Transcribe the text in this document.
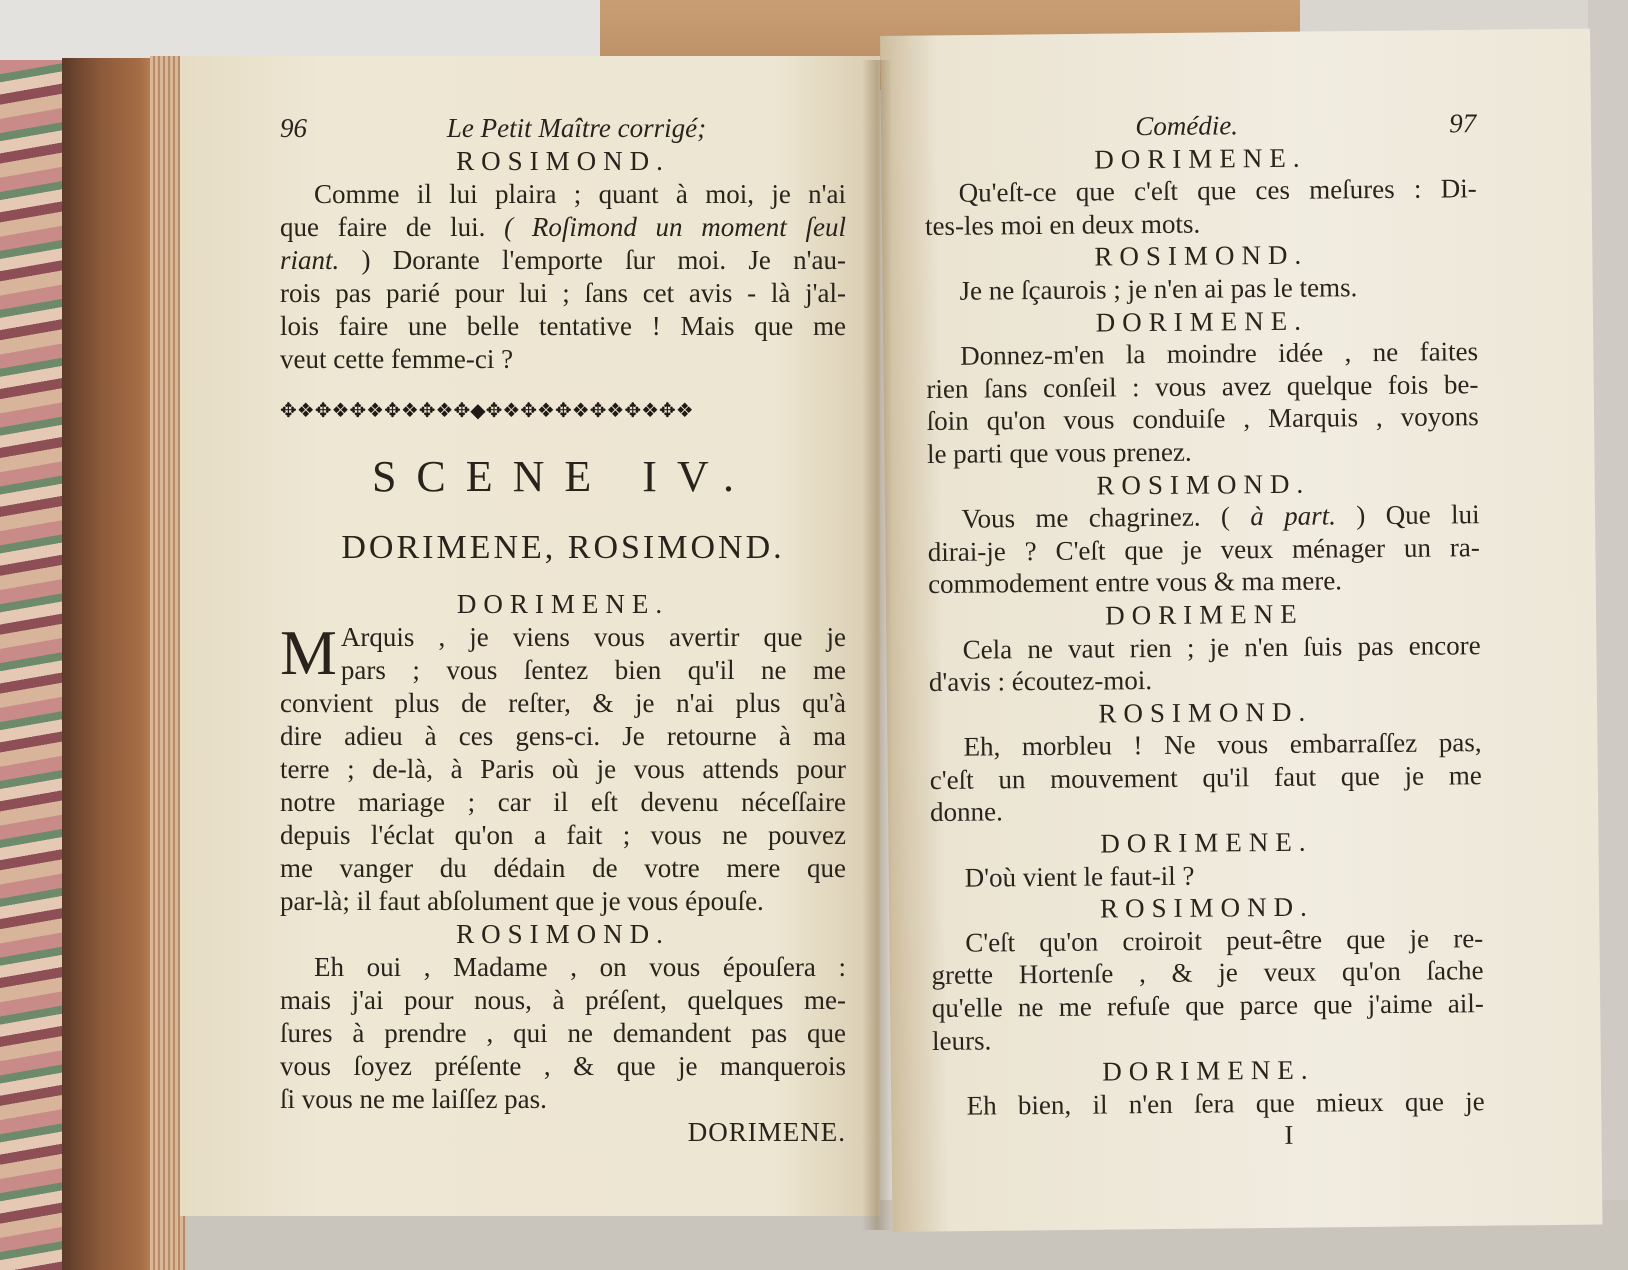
96	Le Petit Maître corrigé;
ROSIMOND.
Comme il lui plaira ; quant à moi, je n'ai
que faire de lui. ( Roſimond un moment ſeul
riant. ) Dorante l'emporte ſur moi. Je n'au-
rois pas parié pour lui ; ſans cet avis - là j'al-
lois faire une belle tentative ! Mais que me
veut cette femme-ci ?
✥❖✥❖✥❖✥❖✥❖✥◆✥❖✥❖✥❖✥❖✥❖✥❖
SCENE IV.
DORIMENE, ROSIMOND.
DORIMENE.
M Arquis , je viens vous avertir que je
pars ; vous ſentez bien qu'il ne me
convient plus de reſter, & je n'ai plus qu'à
dire adieu à ces gens-ci. Je retourne à ma
terre ; de-là, à Paris où je vous attends pour
notre mariage ; car il eſt devenu néceſſaire
depuis l'éclat qu'on a fait ; vous ne pouvez
me vanger du dédain de votre mere que
par-là; il faut abſolument que je vous épouſe.
ROSIMOND.
Eh oui , Madame , on vous épouſera :
mais j'ai pour nous, à préſent, quelques me-
ſures à prendre , qui ne demandent pas que
vous ſoyez préſente , & que je manquerois
ſi vous ne me laiſſez pas.
DORIMENE.
Comédie.	97
DORIMENE.
Qu'eſt-ce que c'eſt que ces meſures : Di-
tes-les moi en deux mots.
ROSIMOND.
Je ne ſçaurois ; je n'en ai pas le tems.
DORIMENE.
Donnez-m'en la moindre idée , ne faites
rien ſans conſeil : vous avez quelque fois be-
ſoin qu'on vous conduiſe , Marquis , voyons
le parti que vous prenez.
ROSIMOND.
Vous me chagrinez. ( à part. ) Que lui
dirai-je ? C'eſt que je veux ménager un ra-
commodement entre vous & ma mere.
DORIMENE
Cela ne vaut rien ; je n'en ſuis pas encore
d'avis : écoutez-moi.
ROSIMOND.
Eh, morbleu ! Ne vous embarraſſez pas,
c'eſt un mouvement qu'il faut que je me
donne.
DORIMENE.
D'où vient le faut-il ?
ROSIMOND.
C'eſt qu'on croiroit peut-être que je re-
grette Hortenſe , & je veux qu'on ſache
qu'elle ne me refuſe que parce que j'aime ail-
leurs.
DORIMENE.
Eh bien, il n'en ſera que mieux que je
I
